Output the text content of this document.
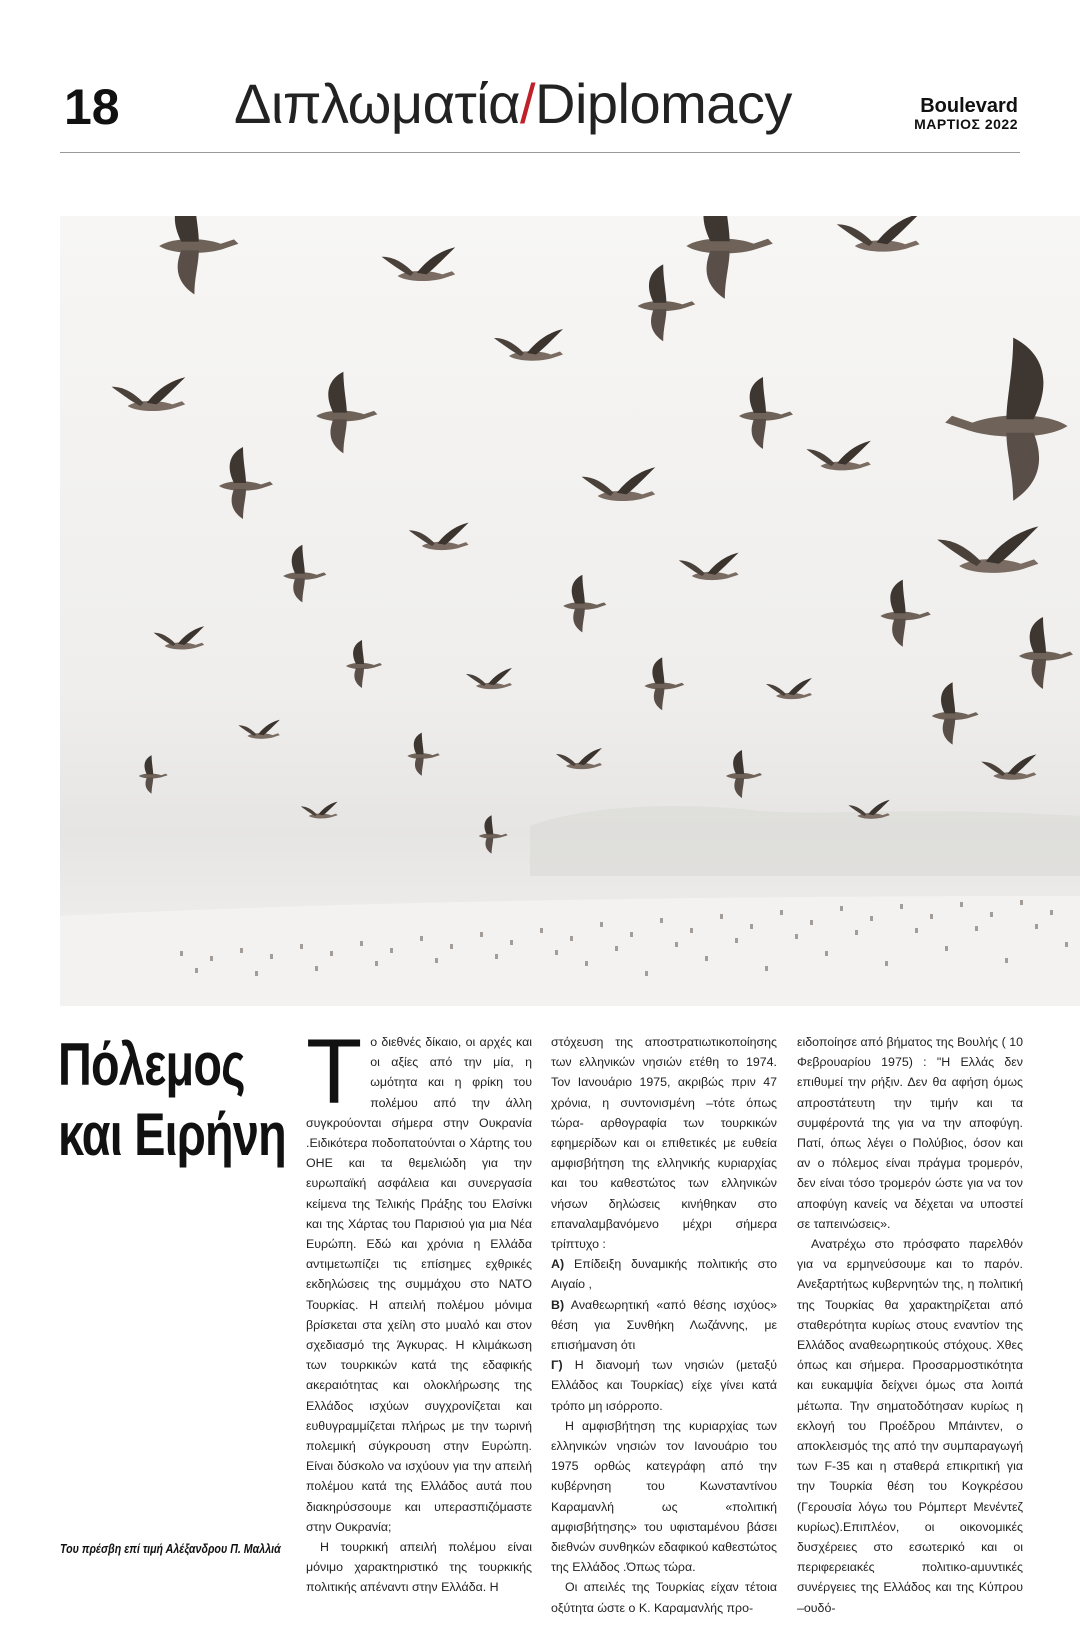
18 Διπλωματία/Diplomacy	Boulevard
ΜΑΡΤΙΟΣ 2022
Πόλεμος
και Ειρήνη
Του πρέσβη επί τιμή Αλέξανδρου Π. Μαλλιά

Το διεθνές δίκαιο, οι αρχές και οι αξίες από την μία, η ωμότητα και η φρίκη του πολέμου από την άλλη συγκρούονται σήμερα στην Ουκρανία .Ειδικότερα ποδοπατούνται ο Χάρτης του ΟΗΕ και τα θεμελιώδη για την ευρωπαϊκή ασφάλεια και συνεργασία κείμενα της Τελικής Πράξης του Ελσίνκι και της Χάρτας του Παρισιού για μια Νέα Ευρώπη. Εδώ και χρόνια η Ελλάδα αντιμετωπίζει τις επίσημες εχθρικές εκδηλώσεις της συμμάχου στο ΝΑΤΟ Τουρκίας. Η απειλή πολέμου μόνιμα βρίσκεται στα χείλη στο μυαλό και στον σχεδιασμό της Άγκυρας. Η κλιμάκωση των τουρκικών κατά της εδαφικής ακεραιότητας και ολοκλήρωσης της Ελλάδος ισχύων συγχρονίζεται και ευθυγραμμίζεται πλήρως με την τωρινή πολεμική σύγκρουση στην Ευρώπη. Είναι δύσκολο να ισχύουν για την απειλή πολέμου κατά της Ελλάδος αυτά που διακηρύσσουμε και υπερασπιζόμαστε στην Ουκρανία;

Η τουρκική απειλή πολέμου είναι μόνιμο χαρακτηριστικό της τουρκικής πολιτικής απέναντι στην Ελλάδα. Η

στόχευση της αποστρατιωτικοποίησης των ελληνικών νησιών ετέθη το 1974. Τον Ιανουάριο 1975, ακριβώς πριν 47 χρόνια, η συντονισμένη –τότε όπως τώρα- αρθογραφία των τουρκικών εφημερίδων και οι επιθετικές με ευθεία αμφισβήτηση της ελληνικής κυριαρχίας και του καθεστώτος των ελληνικών νήσων δηλώσεις κινήθηκαν στο επαναλαμβανόμενο μέχρι σήμερα τρίπτυχο :

Α) Επίδειξη δυναμικής πολιτικής στο Αιγαίο ,

Β) Αναθεωρητική «από θέσης ισχύος» θέση για Συνθήκη Λωζάννης, με επισήμανση ότι

Γ) Η διανομή των νησιών (μεταξύ Ελλάδος και Τουρκίας) είχε γίνει κατά τρόπο μη ισόρροπο.

Η αμφισβήτηση της κυριαρχίας των ελληνικών νησιών τον Ιανουάριο του 1975 ορθώς κατεγράφη από την κυβέρνηση του Κωνσταντίνου Καραμανλή ως «πολιτική αμφισβήτησης» του υφισταμένου βάσει διεθνών συνθηκών εδαφικού καθεστώτος της Ελλάδος .Όπως τώρα.

Οι απειλές της Τουρκίας είχαν τέτοια οξύτητα ώστε ο Κ. Καραμανλής προ-

ειδοποίησε από βήματος της Βουλής ( 10 Φεβρουαρίου 1975) : "Η Ελλάς δεν επιθυμεί την ρήξιν. Δεν θα αφήση όμως απροστάτευτη την τιμήν και τα συμφέροντά της για να την αποφύγη. Πατί, όπως λέγει ο Πολύβιος, όσον και αν ο πόλεμος είναι πράγμα τρομερόν, δεν είναι τόσο τρομερόν ώστε για να τον αποφύγη κανείς να δέχεται να υποστεί σε ταπεινώσεις».

Ανατρέχω στο πρόσφατο παρελθόν για να ερμηνεύσουμε και το παρόν. Ανεξαρτήτως κυβερνητών της, η πολιτική της Τουρκίας θα χαρακτηρίζεται από σταθερότητα κυρίως στους εναντίον της Ελλάδος αναθεωρητικούς στόχους. Χθες όπως και σήμερα. Προσαρμοστικότητα και ευκαμψία δείχνει όμως στα λοιπά μέτωπα. Την σηματοδότησαν κυρίως η εκλογή του Προέδρου Μπάιντεν, ο αποκλεισμός της από την συμπαραγωγή των F-35 και η σταθερά επικριτική για την Τουρκία θέση του Κογκρέσου (Γερουσία λόγω του Ρόμπερτ Μενέντεζ κυρίως).Επιπλέον, οι οικονομικές δυσχέρειες στο εσωτερικό και οι περιφερειακές πολιτικο-αμυντικές συνέργειες της Ελλάδος και της Κύπρου –ουδό-
